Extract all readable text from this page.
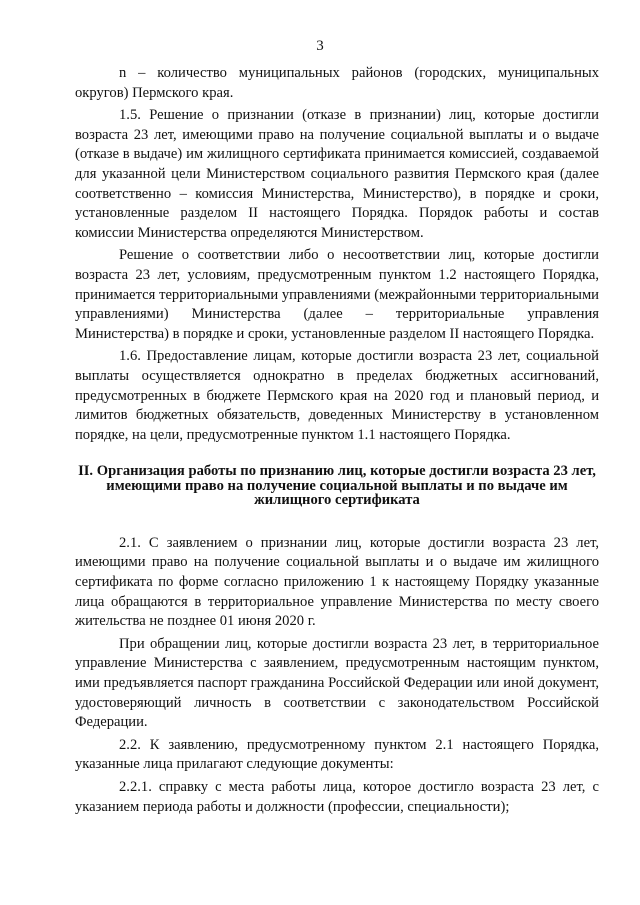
3

n – количество муниципальных районов (городских, муниципальных округов) Пермского края.

1.5. Решение о признании (отказе в признании) лиц, которые достигли возраста 23 лет, имеющими право на получение социальной выплаты и о выдаче (отказе в выдаче) им жилищного сертификата принимается комиссией, создаваемой для указанной цели Министерством социального развития Пермского края (далее соответственно – комиссия Министерства, Министерство), в порядке и сроки, установленные разделом II настоящего Порядка. Порядок работы и состав комиссии Министерства определяются Министерством.

Решение о соответствии либо о несоответствии лиц, которые достигли возраста 23 лет, условиям, предусмотренным пунктом 1.2 настоящего Порядка, принимается территориальными управлениями (межрайонными территориальными управлениями) Министерства (далее – территориальные управления Министерства) в порядке и сроки, установленные разделом II настоящего Порядка.

1.6. Предоставление лицам, которые достигли возраста 23 лет, социальной выплаты осуществляется однократно в пределах бюджетных ассигнований, предусмотренных в бюджете Пермского края на 2020 год и плановый период, и лимитов бюджетных обязательств, доведенных Министерству в установленном порядке, на цели, предусмотренные пунктом 1.1 настоящего Порядка.

II. Организация работы по признанию лиц, которые достигли возраста 23 лет, имеющими право на получение социальной выплаты и по выдаче им жилищного сертификата

2.1. С заявлением о признании лиц, которые достигли возраста 23 лет, имеющими право на получение социальной выплаты и о выдаче им жилищного сертификата по форме согласно приложению 1 к настоящему Порядку указанные лица обращаются в территориальное управление Министерства по месту своего жительства не позднее 01 июня 2020 г.

При обращении лиц, которые достигли возраста 23 лет, в территориальное управление Министерства с заявлением, предусмотренным настоящим пунктом, ими предъявляется паспорт гражданина Российской Федерации или иной документ, удостоверяющий личность в соответствии с законодательством Российской Федерации.

2.2. К заявлению, предусмотренному пунктом 2.1 настоящего Порядка, указанные лица прилагают следующие документы:

2.2.1. справку с места работы лица, которое достигло возраста 23 лет, с указанием периода работы и должности (профессии, специальности);
